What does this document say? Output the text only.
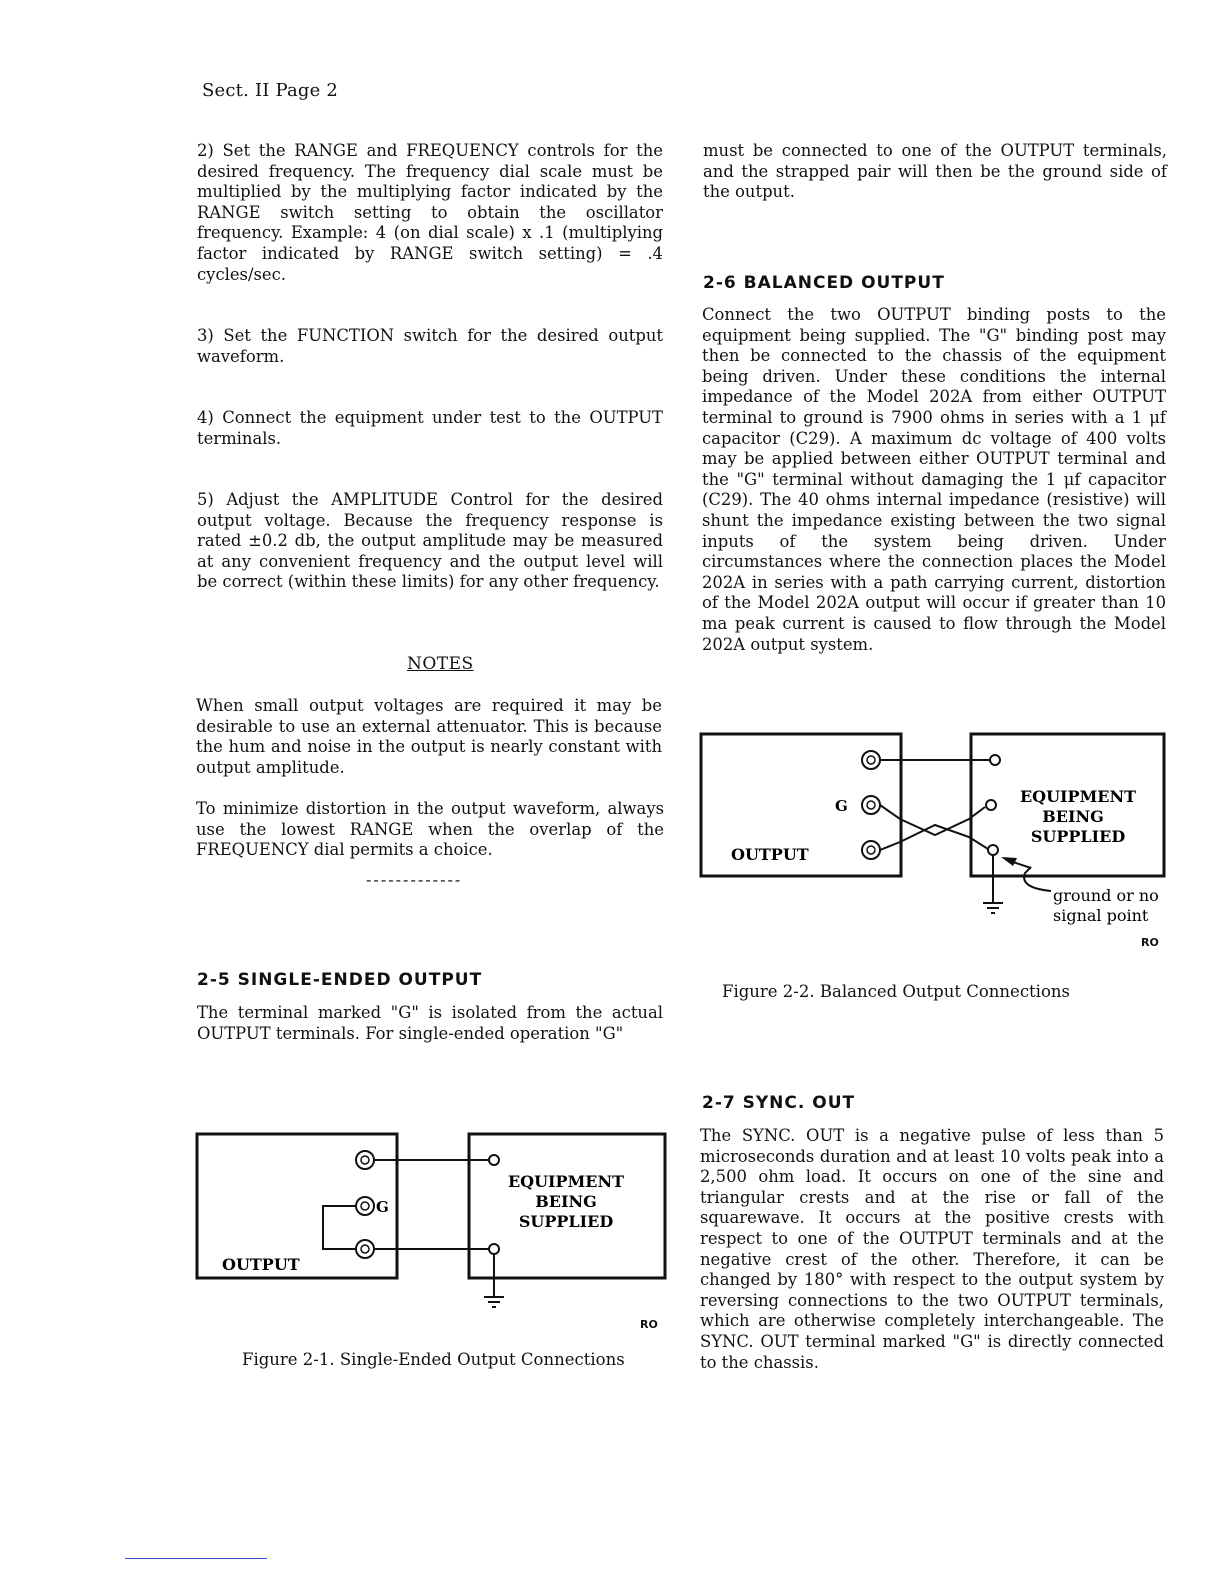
Sect. II Page 2

2) Set the RANGE and FREQUENCY controls for the desired frequency. The frequency dial scale must be multiplied by the multiplying factor indicated by the RANGE switch setting to obtain the oscillator frequency. Example: 4 (on dial scale) x .1 (multiplying factor indicated by RANGE switch setting) = .4 cycles/sec.

3) Set the FUNCTION switch for the desired output waveform.

4) Connect the equipment under test to the OUTPUT terminals.

5) Adjust the AMPLITUDE Control for the desired output voltage. Because the frequency response is rated ±0.2 db, the output amplitude may be measured at any convenient frequency and the output level will be correct (within these limits) for any other frequency.

NOTES

When small output voltages are required it may be desirable to use an external attenuator. This is because the hum and noise in the output is nearly constant with output amplitude.

To minimize distortion in the output waveform, always use the lowest RANGE when the overlap of the FREQUENCY dial permits a choice.

-------------
2-5 SINGLE-ENDED OUTPUT

The terminal marked "G" is isolated from the actual OUTPUT terminals. For single-ended operation "G"

G
OUTPUT
EQUIPMENT
BEING
SUPPLIED
RO
Figure 2-1. Single-Ended Output Connections

must be connected to one of the OUTPUT terminals, and the strapped pair will then be the ground side of the output.

2-6 BALANCED OUTPUT

Connect the two OUTPUT binding posts to the equipment being supplied. The "G" binding post may then be connected to the chassis of the equipment being driven. Under these conditions the internal impedance of the Model 202A from either OUTPUT terminal to ground is 7900 ohms in series with a 1 μf capacitor (C29). A maximum dc voltage of 400 volts may be applied between either OUTPUT terminal and the "G" terminal without damaging the 1 μf capacitor (C29). The 40 ohms internal impedance (resistive) will shunt the impedance existing between the two signal inputs of the system being driven. Under circumstances where the connection places the Model 202A in series with a path carrying current, distortion of the Model 202A output will occur if greater than 10 ma peak current is caused to flow through the Model 202A output system.

G
OUTPUT
EQUIPMENT
BEING
SUPPLIED
ground or no
signal point
RO
Figure 2-2. Balanced Output Connections
2-7 SYNC. OUT

The SYNC. OUT is a negative pulse of less than 5 microseconds duration and at least 10 volts peak into a 2,500 ohm load. It occurs on one of the sine and triangular crests and at the rise or fall of the squarewave. It occurs at the positive crests with respect to one of the OUTPUT terminals and at the negative crest of the other. Therefore, it can be changed by 180° with respect to the output system by reversing connections to the two OUTPUT terminals, which are otherwise completely interchangeable. The SYNC. OUT terminal marked "G" is directly connected to the chassis.
